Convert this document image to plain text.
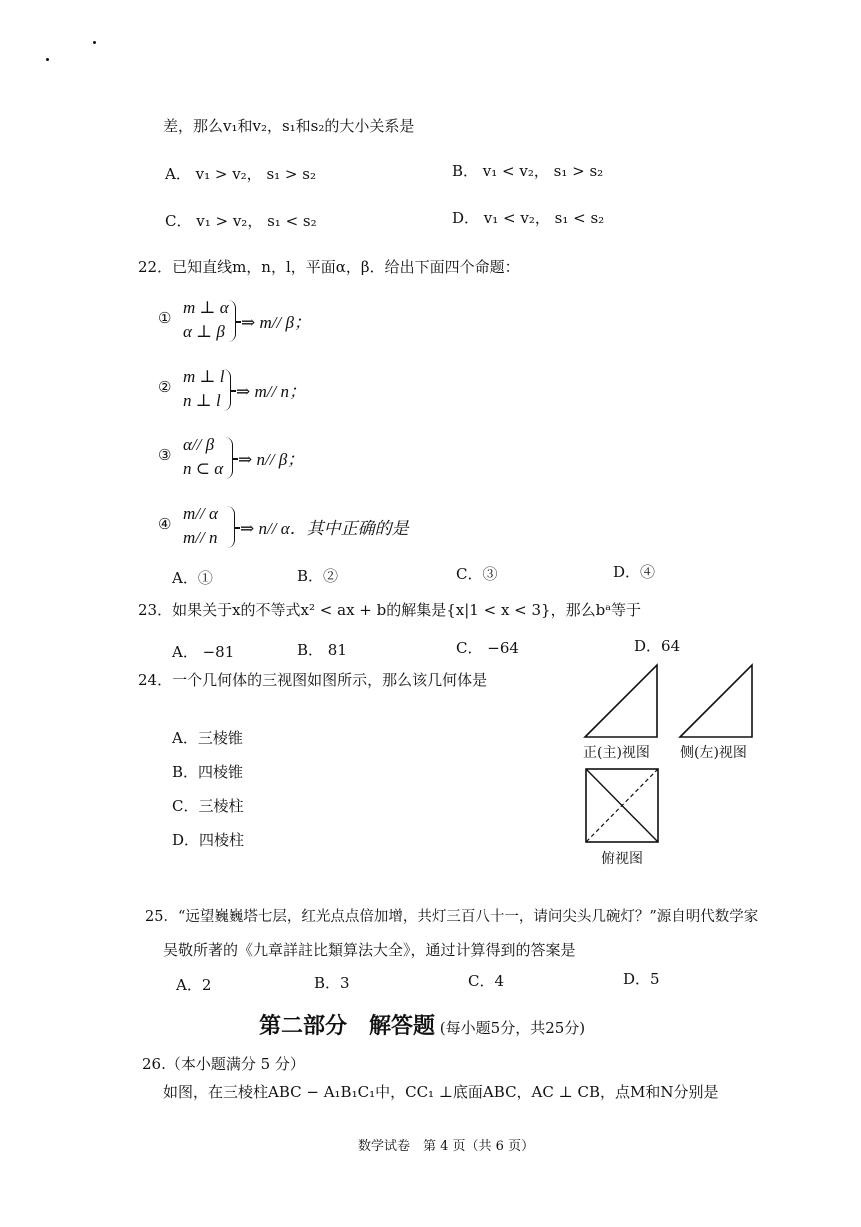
差，那么v₁和v₂，s₁和s₂的大小关系是
A． v₁ > v₂， s₁ > s₂	B． v₁ < v₂， s₁ > s₂
C． v₁ > v₂， s₁ < s₂	D． v₁ < v₂， s₁ < s₂
22．已知直线m，n，l，平面α，β．给出下面四个命题：
①
m ⊥ α
α ⊥ β ⇒ m// β；
②
m ⊥ l
n ⊥ l ⇒ m// n；
③
α// β
n ⊂ α ⇒ n// β；
④
m// α
m// n ⇒ n// α．其中正确的是
A．①	B．②	C．③	D．④
23．如果关于x的不等式x² < ax + b的解集是{x|1 < x < 3}，那么bᵃ等于
A． −81	B． 81	C． −64	D．64
24．一个几何体的三视图如图所示，那么该几何体是
A．三棱锥
B．四棱锥
C．三棱柱
D．四棱柱
正(主)视图 侧(左)视图
俯视图
25．“远望巍巍塔七层，红光点点倍加增，共灯三百八十一，请问尖头几碗灯？”源自明代数学家
吴敬所著的《九章詳註比類算法大全》，通过计算得到的答案是
A．2	B．3	C．4	D．5
第二部分　解答题 (每小题5分，共25分)
26.（本小题满分 5 分）
如图，在三棱柱ABC − A₁B₁C₁中，CC₁ ⊥底面ABC，AC ⊥ CB，点M和N分别是
数学试卷　第 4 页（共 6 页）
